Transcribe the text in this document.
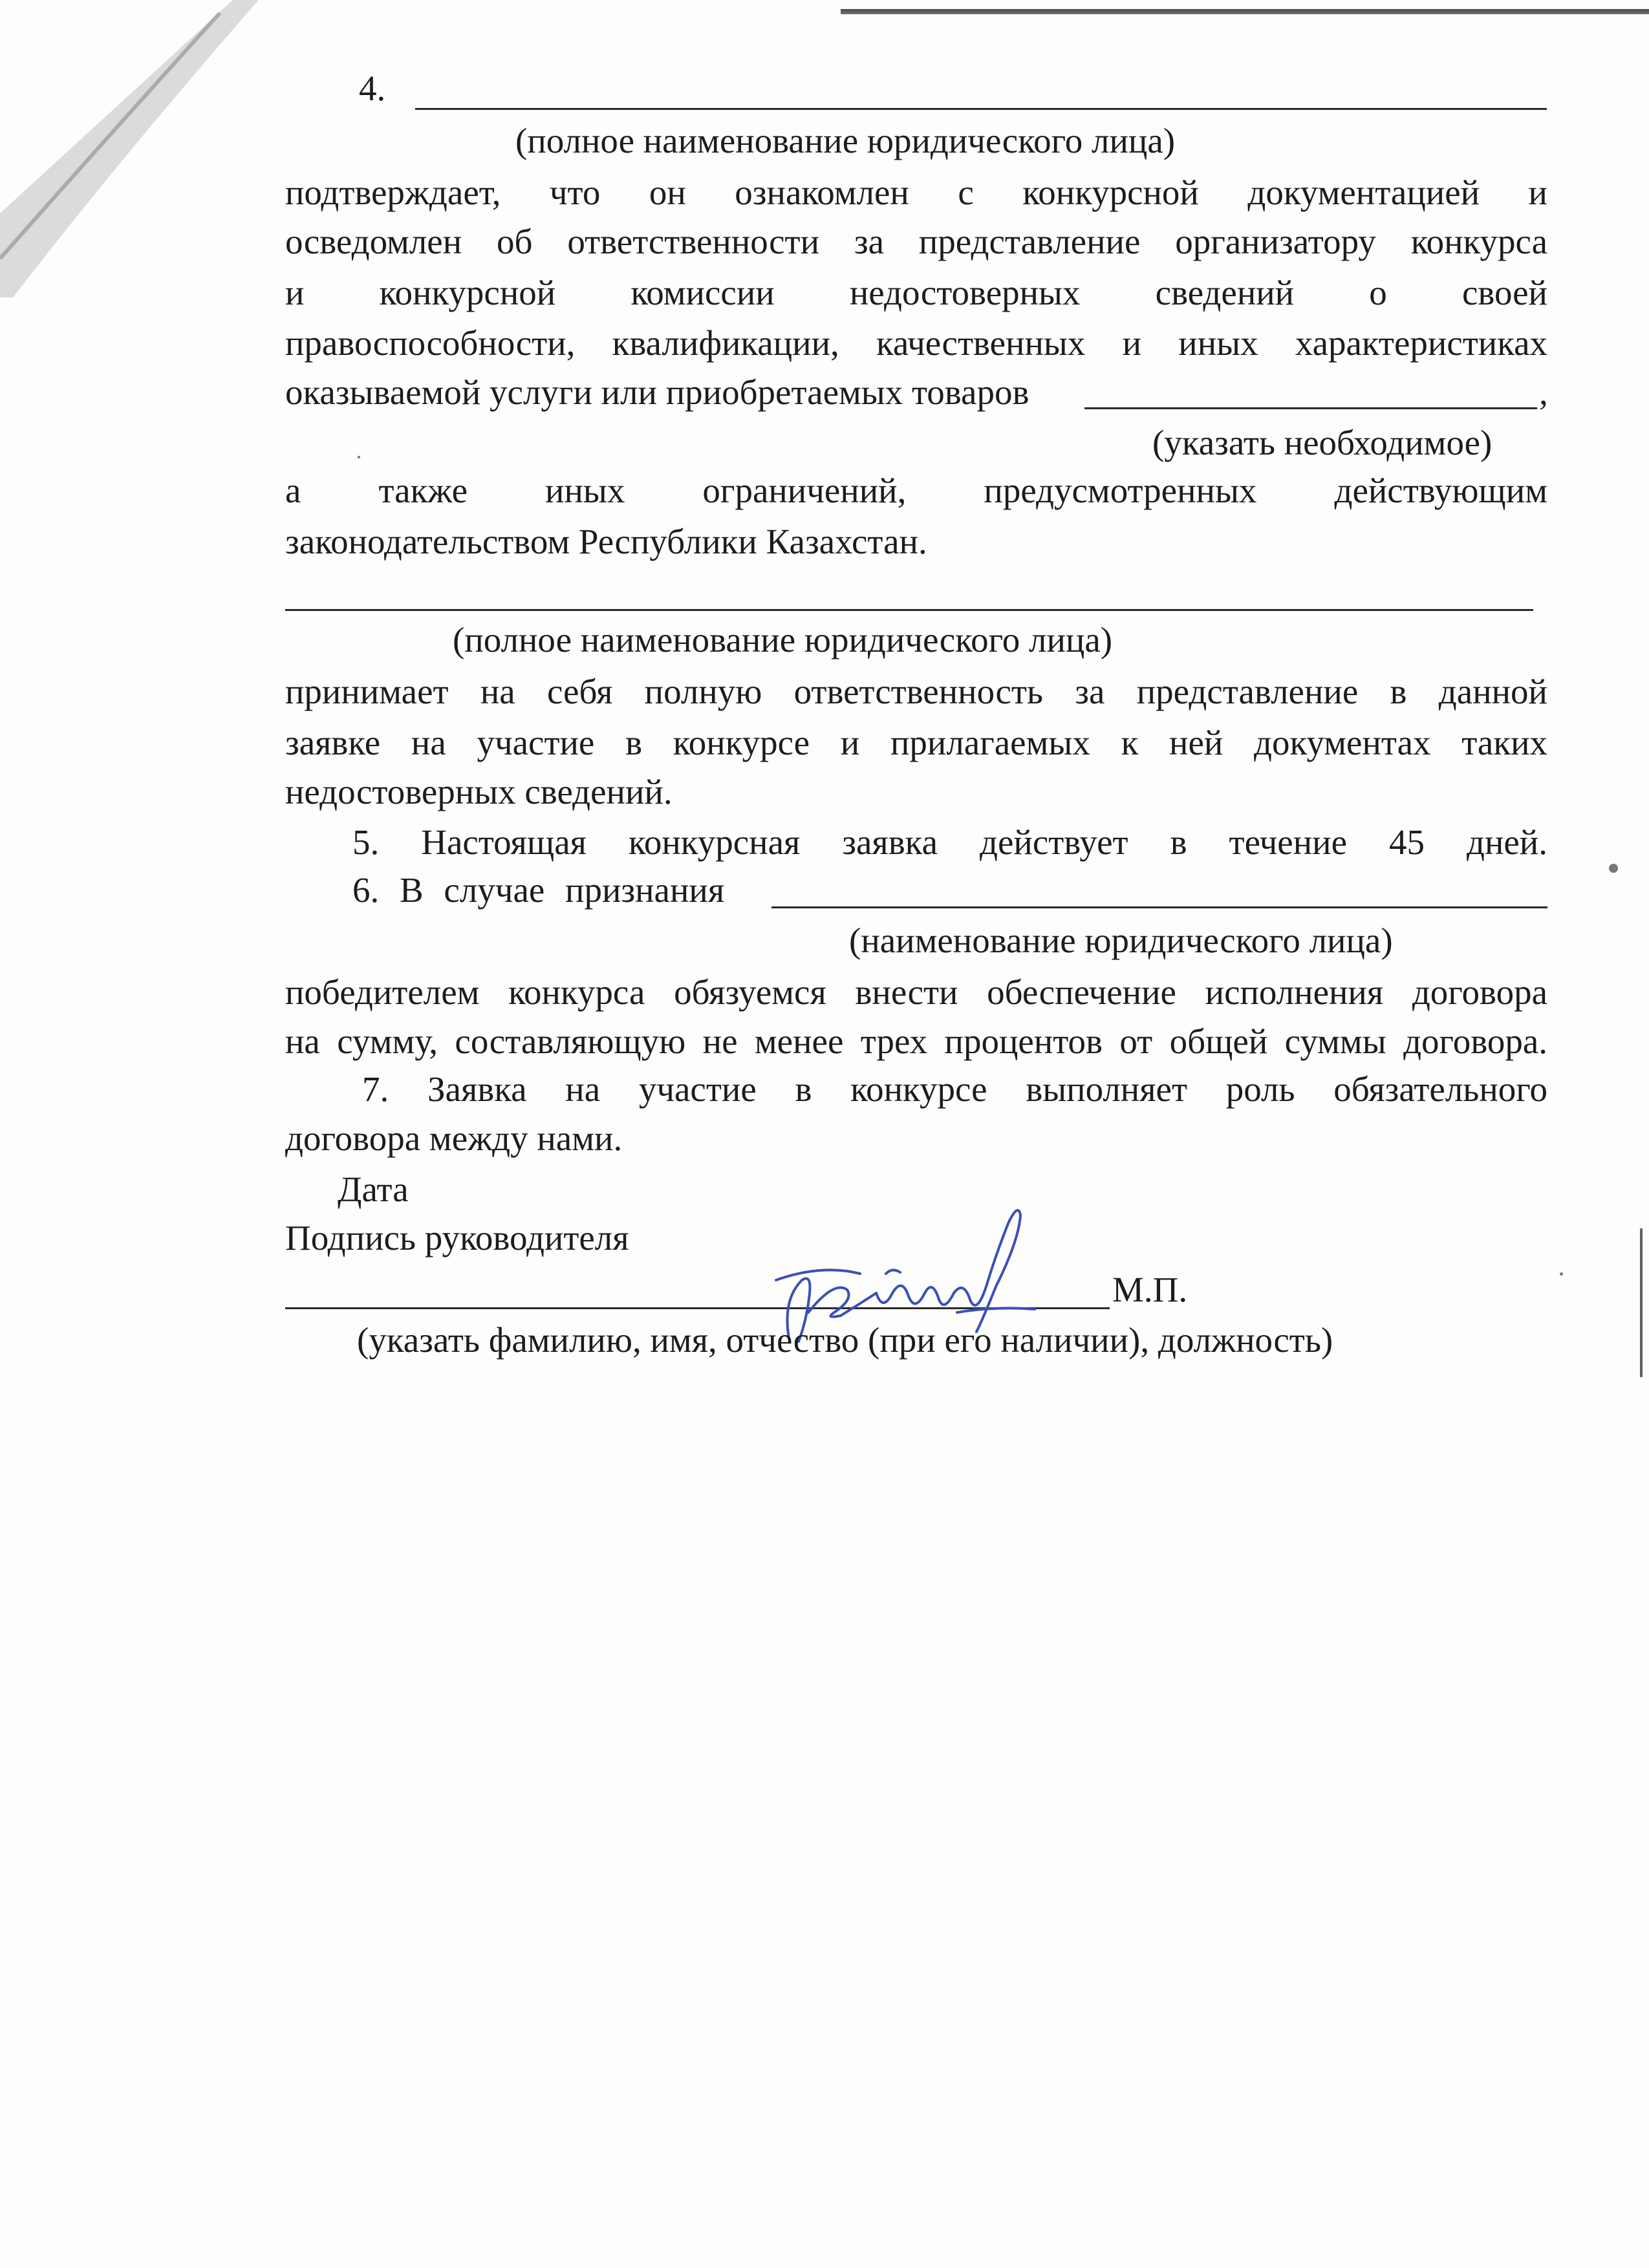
4.
(полное наименование юридического лица)
подтверждает, что он ознакомлен с конкурсной документацией и
осведомлен об ответственности за представление организатору конкурса
и конкурсной комиссии недостоверных сведений о своей
правоспособности, квалификации, качественных и иных характеристиках
оказываемой услуги или приобретаемых товаров	,
(указать необходимое)
а также иных ограничений, предусмотренных действующим
законодательством Республики Казахстан.
(полное наименование юридического лица)
принимает на себя полную ответственность за представление в данной
заявке на участие в конкурсе и прилагаемых к ней документах таких
недостоверных сведений.
5. Настоящая конкурсная заявка действует в течение 45 дней.
6. В случае признания
(наименование юридического лица)
победителем конкурса обязуемся внести обеспечение исполнения договора
на сумму, составляющую не менее трех процентов от общей суммы договора.
7. Заявка на участие в конкурсе выполняет роль обязательного
договора между нами.
Дата
Подпись руководителя
М.П.
(указать фамилию, имя, отчество (при его наличии), должность)
